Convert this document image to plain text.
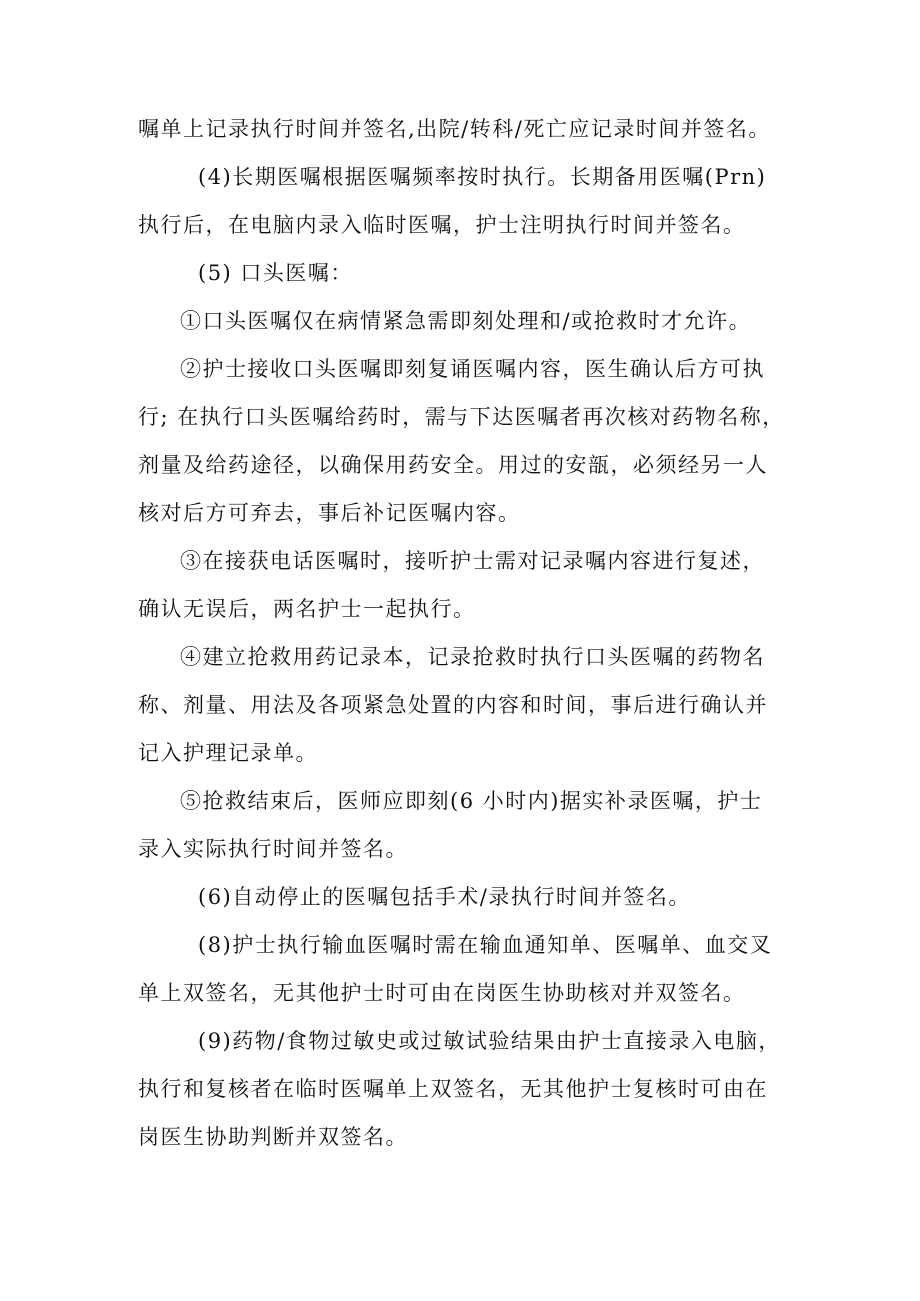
嘱单上记录执行时间并签名,出院/转科/死亡应记录时间并签名。

(4)长期医嘱根据医嘱频率按时执行。长期备用医嘱(Prn)

执行后，在电脑内录入临时医嘱，护士注明执行时间并签名。

(5) 口头医嘱：

①口头医嘱仅在病情紧急需即刻处理和/或抢救时才允许。

②护士接收口头医嘱即刻复诵医嘱内容，医生确认后方可执

行; 在执行口头医嘱给药时，需与下达医嘱者再次核对药物名称，

剂量及给药途径，以确保用药安全。用过的安瓿，必须经另一人

核对后方可弃去，事后补记医嘱内容。

③在接获电话医嘱时，接听护士需对记录嘱内容进行复述，

确认无误后，两名护士一起执行。

④建立抢救用药记录本，记录抢救时执行口头医嘱的药物名

称、剂量、用法及各项紧急处置的内容和时间，事后进行确认并

记入护理记录单。

⑤抢救结束后，医师应即刻(6 小时内)据实补录医嘱，护士

录入实际执行时间并签名。

(6)自动停止的医嘱包括手术/录执行时间并签名。

(8)护士执行输血医嘱时需在输血通知单、医嘱单、血交叉

单上双签名，无其他护士时可由在岗医生协助核对并双签名。

(9)药物/食物过敏史或过敏试验结果由护士直接录入电脑，

执行和复核者在临时医嘱单上双签名，无其他护士复核时可由在

岗医生协助判断并双签名。
